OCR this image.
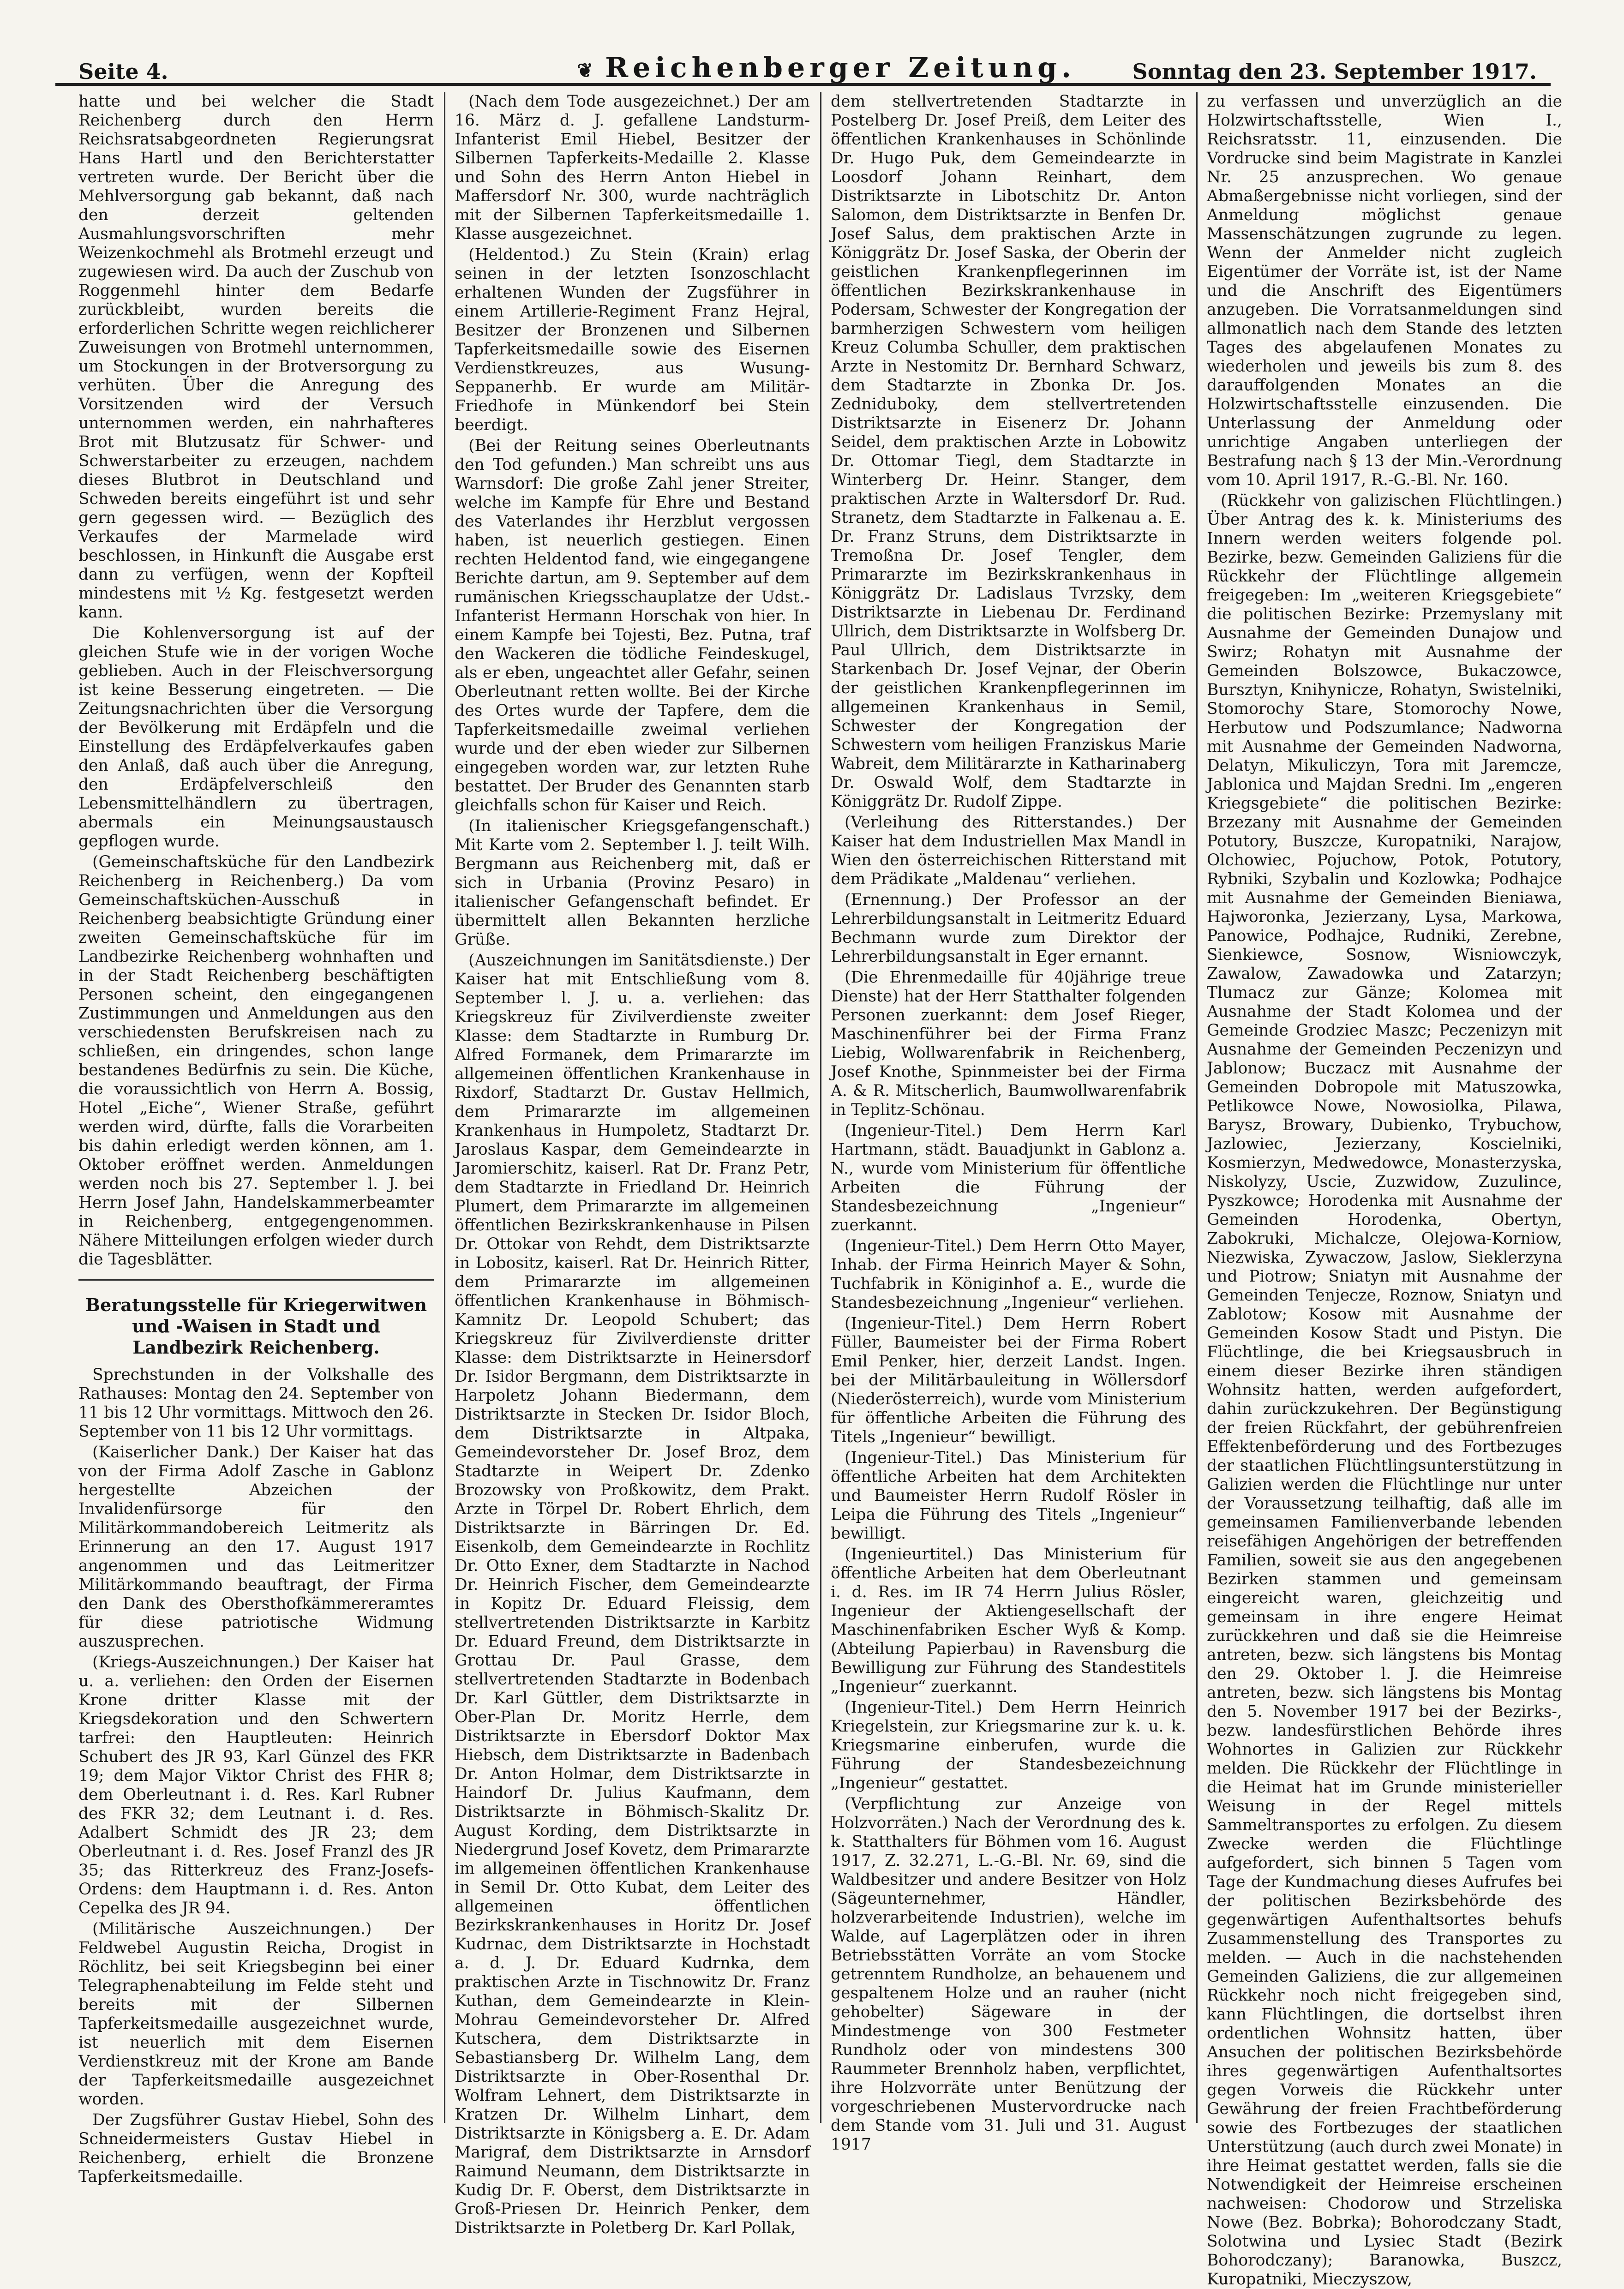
Seite 4.	❦ Reichenberger Zeitung.	Sonntag den 23. September 1917.

hatte und bei welcher die Stadt Reichenberg durch den Herrn Reichsratsabgeordneten Regierungsrat Hans Hartl und den Berichterstatter vertreten wurde. Der Bericht über die Mehlversorgung gab bekannt, daß nach den derzeit geltenden Ausmahlungsvorschriften mehr Weizenkochmehl als Brotmehl erzeugt und zugewiesen wird. Da auch der Zuschub von Roggenmehl hinter dem Bedarfe zurückbleibt, wurden bereits die erforderlichen Schritte wegen reichlicherer Zuweisungen von Brotmehl unternommen, um Stockungen in der Brotversorgung zu verhüten. Über die Anregung des Vorsitzenden wird der Versuch unternommen werden, ein nahrhafteres Brot mit Blutzusatz für Schwer- und Schwerstarbeiter zu erzeugen, nachdem dieses Blutbrot in Deutschland und Schweden bereits eingeführt ist und sehr gern gegessen wird. — Bezüglich des Verkaufes der Marmelade wird beschlossen, in Hinkunft die Ausgabe erst dann zu verfügen, wenn der Kopfteil mindestens mit ½ Kg. festgesetzt werden kann.

Die Kohlenversorgung ist auf der gleichen Stufe wie in der vorigen Woche geblieben. Auch in der Fleischversorgung ist keine Besserung eingetreten. — Die Zeitungsnachrichten über die Versorgung der Bevölkerung mit Erdäpfeln und die Einstellung des Erdäpfelverkaufes gaben den Anlaß, daß auch über die Anregung, den Erdäpfelverschleiß den Lebensmittelhändlern zu übertragen, abermals ein Meinungsaustausch gepflogen wurde.

(Gemeinschaftsküche für den Landbezirk Reichenberg in Reichenberg.) Da vom Gemeinschaftsküchen-Ausschuß in Reichenberg beabsichtigte Gründung einer zweiten Gemeinschaftsküche für im Landbezirke Reichenberg wohnhaften und in der Stadt Reichenberg beschäftigten Personen scheint, den eingegangenen Zustimmungen und Anmeldungen aus den verschiedensten Berufskreisen nach zu schließen, ein dringendes, schon lange bestandenes Bedürfnis zu sein. Die Küche, die voraussichtlich von Herrn A. Bossig, Hotel „Eiche“, Wiener Straße, geführt werden wird, dürfte, falls die Vorarbeiten bis dahin erledigt werden können, am 1. Oktober eröffnet werden. Anmeldungen werden noch bis 27. September l. J. bei Herrn Josef Jahn, Handelskammerbeamter in Reichenberg, entgegengenommen. Nähere Mitteilungen erfolgen wieder durch die Tagesblätter.

Beratungsstelle für Kriegerwitwen und -Waisen in Stadt und Landbezirk Reichenberg.

Sprechstunden in der Volkshalle des Rathauses: Montag den 24. September von 11 bis 12 Uhr vormittags. Mittwoch den 26. September von 11 bis 12 Uhr vormittags.

(Kaiserlicher Dank.) Der Kaiser hat das von der Firma Adolf Zasche in Gablonz hergestellte Abzeichen der Invalidenfürsorge für den Militärkommandobereich Leitmeritz als Erinnerung an den 17. August 1917 angenommen und das Leitmeritzer Militärkommando beauftragt, der Firma den Dank des Obersthofkämmereramtes für diese patriotische Widmung auszusprechen.

(Kriegs-Auszeichnungen.) Der Kaiser hat u. a. verliehen: den Orden der Eisernen Krone dritter Klasse mit der Kriegsdekoration und den Schwertern tarfrei: den Hauptleuten: Heinrich Schubert des JR 93, Karl Günzel des FKR 19; dem Major Viktor Christ des FHR 8; dem Oberleutnant i. d. Res. Karl Rubner des FKR 32; dem Leutnant i. d. Res. Adalbert Schmidt des JR 23; dem Oberleutnant i. d. Res. Josef Franzl des JR 35; das Ritterkreuz des Franz-Josefs-Ordens: dem Hauptmann i. d. Res. Anton Cepelka des JR 94.

(Militärische Auszeichnungen.) Der Feldwebel Augustin Reicha, Drogist in Röchlitz, bei seit Kriegsbeginn bei einer Telegraphenabteilung im Felde steht und bereits mit der Silbernen Tapferkeitsmedaille ausgezeichnet wurde, ist neuerlich mit dem Eisernen Verdienstkreuz mit der Krone am Bande der Tapferkeitsmedaille ausgezeichnet worden.

Der Zugsführer Gustav Hiebel, Sohn des Schneidermeisters Gustav Hiebel in Reichenberg, erhielt die Bronzene Tapferkeitsmedaille.

(Nach dem Tode ausgezeichnet.) Der am 16. März d. J. gefallene Landsturm-Infanterist Emil Hiebel, Besitzer der Silbernen Tapferkeits-Medaille 2. Klasse und Sohn des Herrn Anton Hiebel in Maffersdorf Nr. 300, wurde nachträglich mit der Silbernen Tapferkeitsmedaille 1. Klasse ausgezeichnet.

(Heldentod.) Zu Stein (Krain) erlag seinen in der letzten Isonzoschlacht erhaltenen Wunden der Zugsführer in einem Artillerie-Regiment Franz Hejral, Besitzer der Bronzenen und Silbernen Tapferkeitsmedaille sowie des Eisernen Verdienstkreuzes, aus Wusung-Seppanerhb. Er wurde am Militär-Friedhofe in Münkendorf bei Stein beerdigt.

(Bei der Reitung seines Oberleutnants den Tod gefunden.) Man schreibt uns aus Warnsdorf: Die große Zahl jener Streiter, welche im Kampfe für Ehre und Bestand des Vaterlandes ihr Herzblut vergossen haben, ist neuerlich gestiegen. Einen rechten Heldentod fand, wie eingegangene Berichte dartun, am 9. September auf dem rumänischen Kriegsschauplatze der Udst.-Infanterist Hermann Horschak von hier. In einem Kampfe bei Tojesti, Bez. Putna, traf den Wackeren die tödliche Feindeskugel, als er eben, ungeachtet aller Gefahr, seinen Oberleutnant retten wollte. Bei der Kirche des Ortes wurde der Tapfere, dem die Tapferkeitsmedaille zweimal verliehen wurde und der eben wieder zur Silbernen eingegeben worden war, zur letzten Ruhe bestattet. Der Bruder des Genannten starb gleichfalls schon für Kaiser und Reich.

(In italienischer Kriegsgefangenschaft.) Mit Karte vom 2. September l. J. teilt Wilh. Bergmann aus Reichenberg mit, daß er sich in Urbania (Provinz Pesaro) in italienischer Gefangenschaft befindet. Er übermittelt allen Bekannten herzliche Grüße.

(Auszeichnungen im Sanitätsdienste.) Der Kaiser hat mit Entschließung vom 8. September l. J. u. a. verliehen: das Kriegskreuz für Zivilverdienste zweiter Klasse: dem Stadtarzte in Rumburg Dr. Alfred Formanek, dem Primararzte im allgemeinen öffentlichen Krankenhause in Rixdorf, Stadtarzt Dr. Gustav Hellmich, dem Primararzte im allgemeinen Krankenhaus in Humpoletz, Stadtarzt Dr. Jaroslaus Kaspar, dem Gemeindearzte in Jaromierschitz, kaiserl. Rat Dr. Franz Petr, dem Stadtarzte in Friedland Dr. Heinrich Plumert, dem Primararzte im allgemeinen öffentlichen Bezirkskrankenhause in Pilsen Dr. Ottokar von Rehdt, dem Distriktsarzte in Lobositz, kaiserl. Rat Dr. Heinrich Ritter, dem Primararzte im allgemeinen öffentlichen Krankenhause in Böhmisch-Kamnitz Dr. Leopold Schubert; das Kriegskreuz für Zivilverdienste dritter Klasse: dem Distriktsarzte in Heinersdorf Dr. Isidor Bergmann, dem Distriktsarzte in Harpoletz Johann Biedermann, dem Distriktsarzte in Stecken Dr. Isidor Bloch, dem Distriktsarzte in Altpaka, Gemeindevorsteher Dr. Josef Broz, dem Stadtarzte in Weipert Dr. Zdenko Brozowsky von Proßkowitz, dem Prakt. Arzte in Törpel Dr. Robert Ehrlich, dem Distriktsarzte in Bärringen Dr. Ed. Eisenkolb, dem Gemeindearzte in Rochlitz Dr. Otto Exner, dem Stadtarzte in Nachod Dr. Heinrich Fischer, dem Gemeindearzte in Kopitz Dr. Eduard Fleissig, dem stellvertretenden Distriktsarzte in Karbitz Dr. Eduard Freund, dem Distriktsarzte in Grottau Dr. Paul Grasse, dem stellvertretenden Stadtarzte in Bodenbach Dr. Karl Güttler, dem Distriktsarzte in Ober-Plan Dr. Moritz Herrle, dem Distriktsarzte in Ebersdorf Doktor Max Hiebsch, dem Distriktsarzte in Badenbach Dr. Anton Holmar, dem Distriktsarzte in Haindorf Dr. Julius Kaufmann, dem Distriktsarzte in Böhmisch-Skalitz Dr. August Kording, dem Distriktsarzte in Niedergrund Josef Kovetz, dem Primararzte im allgemeinen öffentlichen Krankenhause in Semil Dr. Otto Kubat, dem Leiter des allgemeinen öffentlichen Bezirkskrankenhauses in Horitz Dr. Josef Kudrnac, dem Distriktsarzte in Hochstadt a. d. J. Dr. Eduard Kudrnka, dem praktischen Arzte in Tischnowitz Dr. Franz Kuthan, dem Gemeindearzte in Klein-Mohrau Gemeindevorsteher Dr. Alfred Kutschera, dem Distriktsarzte in Sebastiansberg Dr. Wilhelm Lang, dem Distriktsarzte in Ober-Rosenthal Dr. Wolfram Lehnert, dem Distriktsarzte in Kratzen Dr. Wilhelm Linhart, dem Distriktsarzte in Königsberg a. E. Dr. Adam Marigraf, dem Distriktsarzte in Arnsdorf Raimund Neumann, dem Distriktsarzte in Kudig Dr. F. Oberst, dem Distriktsarzte in Groß-Priesen Dr. Heinrich Penker, dem Distriktsarzte in Poletberg Dr. Karl Pollak,

dem stellvertretenden Stadtarzte in Postelberg Dr. Josef Preiß, dem Leiter des öffentlichen Krankenhauses in Schönlinde Dr. Hugo Puk, dem Gemeindearzte in Loosdorf Johann Reinhart, dem Distriktsarzte in Libotschitz Dr. Anton Salomon, dem Distriktsarzte in Benfen Dr. Josef Salus, dem praktischen Arzte in Königgrätz Dr. Josef Saska, der Oberin der geistlichen Krankenpflegerinnen im öffentlichen Bezirkskrankenhause in Podersam, Schwester der Kongregation der barmherzigen Schwestern vom heiligen Kreuz Columba Schuller, dem praktischen Arzte in Nestomitz Dr. Bernhard Schwarz, dem Stadtarzte in Zbonka Dr. Jos. Zedniduboky, dem stellvertretenden Distriktsarzte in Eisenerz Dr. Johann Seidel, dem praktischen Arzte in Lobowitz Dr. Ottomar Tiegl, dem Stadtarzte in Winterberg Dr. Heinr. Stanger, dem praktischen Arzte in Waltersdorf Dr. Rud. Stranetz, dem Stadtarzte in Falkenau a. E. Dr. Franz Struns, dem Distriktsarzte in Tremoßna Dr. Josef Tengler, dem Primararzte im Bezirkskrankenhaus in Königgrätz Dr. Ladislaus Tvrzsky, dem Distriktsarzte in Liebenau Dr. Ferdinand Ullrich, dem Distriktsarzte in Wolfsberg Dr. Paul Ullrich, dem Distriktsarzte in Starkenbach Dr. Josef Vejnar, der Oberin der geistlichen Krankenpflegerinnen im allgemeinen Krankenhaus in Semil, Schwester der Kongregation der Schwestern vom heiligen Franziskus Marie Wabreit, dem Militärarzte in Katharinaberg Dr. Oswald Wolf, dem Stadtarzte in Königgrätz Dr. Rudolf Zippe.

(Verleihung des Ritterstandes.) Der Kaiser hat dem Industriellen Max Mandl in Wien den österreichischen Ritterstand mit dem Prädikate „Maldenau“ verliehen.

(Ernennung.) Der Professor an der Lehrerbildungsanstalt in Leitmeritz Eduard Bechmann wurde zum Direktor der Lehrerbildungsanstalt in Eger ernannt.

(Die Ehrenmedaille für 40jährige treue Dienste) hat der Herr Statthalter folgenden Personen zuerkannt: dem Josef Rieger, Maschinenführer bei der Firma Franz Liebig, Wollwarenfabrik in Reichenberg, Josef Knothe, Spinnmeister bei der Firma A. & R. Mitscherlich, Baumwollwarenfabrik in Teplitz-Schönau.

(Ingenieur-Titel.) Dem Herrn Karl Hartmann, städt. Bauadjunkt in Gablonz a. N., wurde vom Ministerium für öffentliche Arbeiten die Führung der Standesbezeichnung „Ingenieur“ zuerkannt.

(Ingenieur-Titel.) Dem Herrn Otto Mayer, Inhab. der Firma Heinrich Mayer & Sohn, Tuchfabrik in Königinhof a. E., wurde die Standesbezeichnung „Ingenieur“ verliehen.

(Ingenieur-Titel.) Dem Herrn Robert Füller, Baumeister bei der Firma Robert Emil Penker, hier, derzeit Landst. Ingen. bei der Militärbauleitung in Wöllersdorf (Niederösterreich), wurde vom Ministerium für öffentliche Arbeiten die Führung des Titels „Ingenieur“ bewilligt.

(Ingenieur-Titel.) Das Ministerium für öffentliche Arbeiten hat dem Architekten und Baumeister Herrn Rudolf Rösler in Leipa die Führung des Titels „Ingenieur“ bewilligt.

(Ingenieurtitel.) Das Ministerium für öffentliche Arbeiten hat dem Oberleutnant i. d. Res. im IR 74 Herrn Julius Rösler, Ingenieur der Aktiengesellschaft der Maschinenfabriken Escher Wyß & Komp. (Abteilung Papierbau) in Ravensburg die Bewilligung zur Führung des Standestitels „Ingenieur“ zuerkannt.

(Ingenieur-Titel.) Dem Herrn Heinrich Kriegelstein, zur Kriegsmarine zur k. u. k. Kriegsmarine einberufen, wurde die Führung der Standesbezeichnung „Ingenieur“ gestattet.

(Verpflichtung zur Anzeige von Holzvorräten.) Nach der Verordnung des k. k. Statthalters für Böhmen vom 16. August 1917, Z. 32.271, L.-G.-Bl. Nr. 69, sind die Waldbesitzer und andere Besitzer von Holz (Sägeunternehmer, Händler, holzverarbeitende Industrien), welche im Walde, auf Lagerplätzen oder in ihren Betriebsstätten Vorräte an vom Stocke getrenntem Rundholze, an behauenem und gespaltenem Holze und an rauher (nicht gehobelter) Sägeware in der Mindestmenge von 300 Festmeter Rundholz oder von mindestens 300 Raummeter Brennholz haben, verpflichtet, ihre Holzvorräte unter Benützung der vorgeschriebenen Mustervordrucke nach dem Stande vom 31. Juli und 31. August 1917

zu verfassen und unverzüglich an die Holzwirtschaftsstelle, Wien I., Reichsratsstr. 11, einzusenden. Die Vordrucke sind beim Magistrate in Kanzlei Nr. 25 anzusprechen. Wo genaue Abmaßergebnisse nicht vorliegen, sind der Anmeldung möglichst genaue Massenschätzungen zugrunde zu legen. Wenn der Anmelder nicht zugleich Eigentümer der Vorräte ist, ist der Name und die Anschrift des Eigentümers anzugeben. Die Vorratsanmeldungen sind allmonatlich nach dem Stande des letzten Tages des abgelaufenen Monates zu wiederholen und jeweils bis zum 8. des darauffolgenden Monates an die Holzwirtschaftsstelle einzusenden. Die Unterlassung der Anmeldung oder unrichtige Angaben unterliegen der Bestrafung nach § 13 der Min.-Verordnung vom 10. April 1917, R.-G.-Bl. Nr. 160.

(Rückkehr von galizischen Flüchtlingen.) Über Antrag des k. k. Ministeriums des Innern werden weiters folgende pol. Bezirke, bezw. Gemeinden Galiziens für die Rückkehr der Flüchtlinge allgemein freigegeben: Im „weiteren Kriegsgebiete“ die politischen Bezirke: Przemyslany mit Ausnahme der Gemeinden Dunajow und Swirz; Rohatyn mit Ausnahme der Gemeinden Bolszowce, Bukaczowce, Bursztyn, Knihynicze, Rohatyn, Swistelniki, Stomorochy Stare, Stomorochy Nowe, Herbutow und Podszumlance; Nadworna mit Ausnahme der Gemeinden Nadworna, Delatyn, Mikuliczyn, Tora mit Jaremcze, Jablonica und Majdan Sredni. Im „engeren Kriegsgebiete“ die politischen Bezirke: Brzezany mit Ausnahme der Gemeinden Potutory, Buszcze, Kuropatniki, Narajow, Olchowiec, Pojuchow, Potok, Potutory, Rybniki, Szybalin und Kozlowka; Podhajce mit Ausnahme der Gemeinden Bieniawa, Hajworonka, Jezierzany, Lysa, Markowa, Panowice, Podhajce, Rudniki, Zerebne, Sienkiewce, Sosnow, Wisniowczyk, Zawalow, Zawadowka und Zatarzyn; Tlumacz zur Gänze; Kolomea mit Ausnahme der Stadt Kolomea und der Gemeinde Grodziec Maszc; Peczenizyn mit Ausnahme der Gemeinden Peczenizyn und Jablonow; Buczacz mit Ausnahme der Gemeinden Dobropole mit Matuszowka, Petlikowce Nowe, Nowosiolka, Pilawa, Barysz, Browary, Dubienko, Trybuchow, Jazlowiec, Jezierzany, Koscielniki, Kosmierzyn, Medwedowce, Monasterzyska, Niskolyzy, Uscie, Zuzwidow, Zuzulince, Pyszkowce; Horodenka mit Ausnahme der Gemeinden Horodenka, Obertyn, Zabokruki, Michalcze, Olejowa-Korniow, Niezwiska, Zywaczow, Jaslow, Sieklerzyna und Piotrow; Sniatyn mit Ausnahme der Gemeinden Tenjecze, Roznow, Sniatyn und Zablotow; Kosow mit Ausnahme der Gemeinden Kosow Stadt und Pistyn. Die Flüchtlinge, die bei Kriegsausbruch in einem dieser Bezirke ihren ständigen Wohnsitz hatten, werden aufgefordert, dahin zurückzukehren. Der Begünstigung der freien Rückfahrt, der gebührenfreien Effektenbeförderung und des Fortbezuges der staatlichen Flüchtlingsunterstützung in Galizien werden die Flüchtlinge nur unter der Voraussetzung teilhaftig, daß alle im gemeinsamen Familienverbande lebenden reisefähigen Angehörigen der betreffenden Familien, soweit sie aus den angegebenen Bezirken stammen und gemeinsam eingereicht waren, gleichzeitig und gemeinsam in ihre engere Heimat zurückkehren und daß sie die Heimreise antreten, bezw. sich längstens bis Montag den 29. Oktober l. J. die Heimreise antreten, bezw. sich längstens bis Montag den 5. November 1917 bei der Bezirks-, bezw. landesfürstlichen Behörde ihres Wohnortes in Galizien zur Rückkehr melden. Die Rückkehr der Flüchtlinge in die Heimat hat im Grunde ministerieller Weisung in der Regel mittels Sammeltransportes zu erfolgen. Zu diesem Zwecke werden die Flüchtlinge aufgefordert, sich binnen 5 Tagen vom Tage der Kundmachung dieses Aufrufes bei der politischen Bezirksbehörde des gegenwärtigen Aufenthaltsortes behufs Zusammenstellung des Transportes zu melden. — Auch in die nachstehenden Gemeinden Galiziens, die zur allgemeinen Rückkehr noch nicht freigegeben sind, kann Flüchtlingen, die dortselbst ihren ordentlichen Wohnsitz hatten, über Ansuchen der politischen Bezirksbehörde ihres gegenwärtigen Aufenthaltsortes gegen Vorweis die Rückkehr unter Gewährung der freien Frachtbeförderung sowie des Fortbezuges der staatlichen Unterstützung (auch durch zwei Monate) in ihre Heimat gestattet werden, falls sie die Notwendigkeit der Heimreise erscheinen nachweisen: Chodorow und Strzeliska Nowe (Bez. Bobrka); Bohorodczany Stadt, Solotwina und Lysiec Stadt (Bezirk Bohorodczany); Baranowka, Buszcz, Kuropatniki, Mieczyszow,
